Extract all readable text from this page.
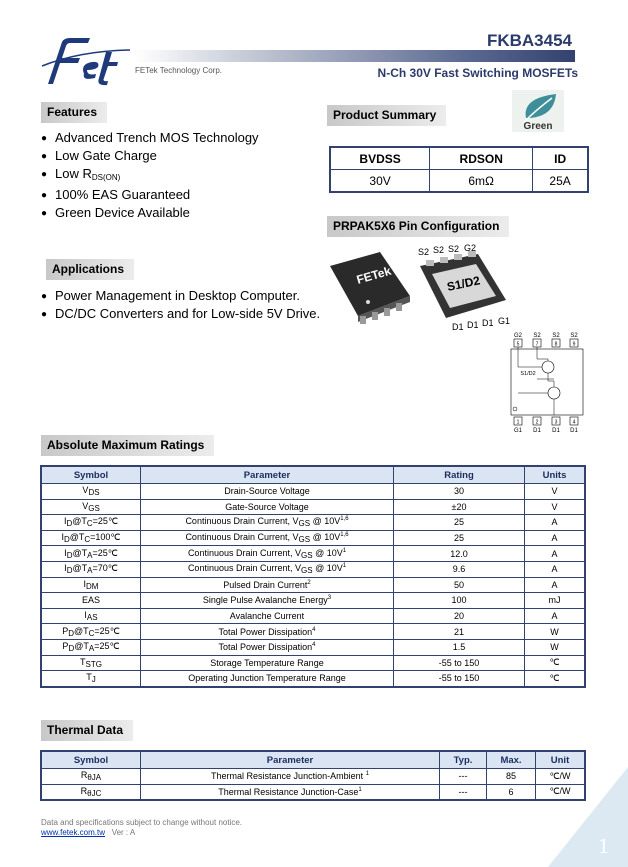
FETek Technology Corp.
FKBA3454
N-Ch 30V Fast Switching MOSFETs
Features
● Advanced Trench MOS Technology
● Low Gate Charge
● Low $R_{DS(ON)}$
● 100% EAS Guaranteed
● Green Device Available
Product Summary
Green
BVDSS	RDSON	ID
30V	6mΩ	25A
PRPAK5X6 Pin Configuration
FETek	S1/D2
S2 S2 S2 G2
D1 D1 D1 G1
G2 S2 S2 S2
5	7	8	9
S1/D2
1	2	3	4
G1 D1 D1 D1
Applications
● Power Management in Desktop Computer.
● DC/DC Converters and for Low-side 5V Drive.
Absolute Maximum Ratings
Symbol	Parameter	Rating	Units
VDS	Drain-Source Voltage	30	V
VGS	Gate-Source Voltage	±20	V
ID@TC=25℃	Continuous Drain Current, VGS @ $10V^{1,6}$	25	A
ID@TC=100℃	Continuous Drain Current, VGS @ $10V^{1,6}$	25	A
ID@TA=25℃	Continuous Drain Current, VGS @ $10V^1$	12.0	A
ID@TA=70℃	Continuous Drain Current, VGS @ $10V^1$	9.6	A
IDM	Pulsed Drain Current$^2$	50	A
EAS	Single Pulse Avalanche Energy$^3$	100	mJ
IAS	Avalanche Current	20	A
PD@TC=25℃	Total Power Dissipation$^4$	21	W
PD@TA=25℃	Total Power Dissipation$^4$	1.5	W
TSTG	Storage Temperature Range	-55 to 150	℃
TJ	Operating Junction Temperature Range	-55 to 150	℃
Thermal Data
Symbol	Parameter	Typ.	Max.	Unit
RθJA	Thermal Resistance Junction-Ambient $^1$	---	85	℃/W
RθJC	Thermal Resistance Junction-Case$^1$	---	6	℃/W
Data and specifications subject to change without notice.
www.fetek.com.tw Ver : A
1
